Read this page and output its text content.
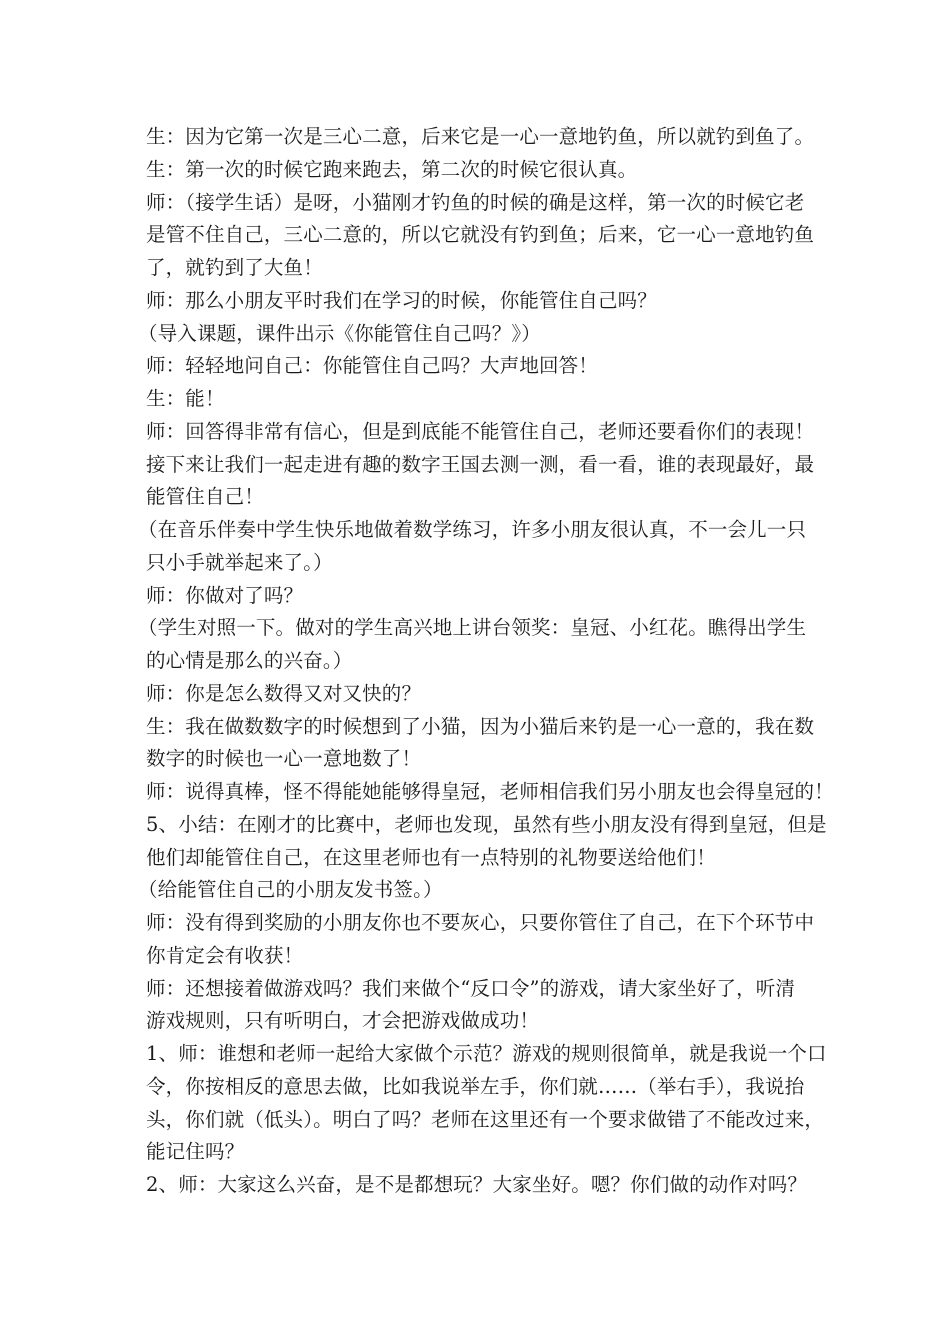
生：因为它第一次是三心二意，后来它是一心一意地钓鱼，所以就钓到鱼了。
生：第一次的时候它跑来跑去，第二次的时候它很认真。
师：（接学生话）是呀，小猫刚才钓鱼的时候的确是这样，第一次的时候它老
是管不住自己，三心二意的，所以它就没有钓到鱼；后来，它一心一意地钓鱼
了，就钓到了大鱼！
师：那么小朋友平时我们在学习的时候，你能管住自己吗？
（导入课题，课件出示《你能管住自己吗？》）
师：轻轻地问自己：你能管住自己吗？大声地回答！
生：能！
师：回答得非常有信心，但是到底能不能管住自己，老师还要看你们的表现！
接下来让我们一起走进有趣的数字王国去测一测，看一看，谁的表现最好，最
能管住自己！
（在音乐伴奏中学生快乐地做着数学练习，许多小朋友很认真，不一会儿一只
只小手就举起来了。）
师：你做对了吗？
（学生对照一下。做对的学生高兴地上讲台领奖：皇冠、小红花。瞧得出学生
的心情是那么的兴奋。）
师：你是怎么数得又对又快的？
生：我在做数数字的时候想到了小猫，因为小猫后来钓是一心一意的，我在数
数字的时候也一心一意地数了！
师：说得真棒，怪不得能她能够得皇冠，老师相信我们另小朋友也会得皇冠的！
5、小结：在刚才的比赛中，老师也发现，虽然有些小朋友没有得到皇冠，但是
他们却能管住自己，在这里老师也有一点特别的礼物要送给他们！
（给能管住自己的小朋友发书签。）
师：没有得到奖励的小朋友你也不要灰心，只要你管住了自己，在下个环节中
你肯定会有收获！
师：还想接着做游戏吗？我们来做个“反口令”的游戏，请大家坐好了，听清
游戏规则，只有听明白，才会把游戏做成功！
1、师：谁想和老师一起给大家做个示范？游戏的规则很简单，就是我说一个口
令，你按相反的意思去做，比如我说举左手，你们就……（举右手），我说抬
头，你们就（低头）。明白了吗？老师在这里还有一个要求做错了不能改过来，
能记住吗？
2、师：大家这么兴奋，是不是都想玩？大家坐好。嗯？你们做的动作对吗？
